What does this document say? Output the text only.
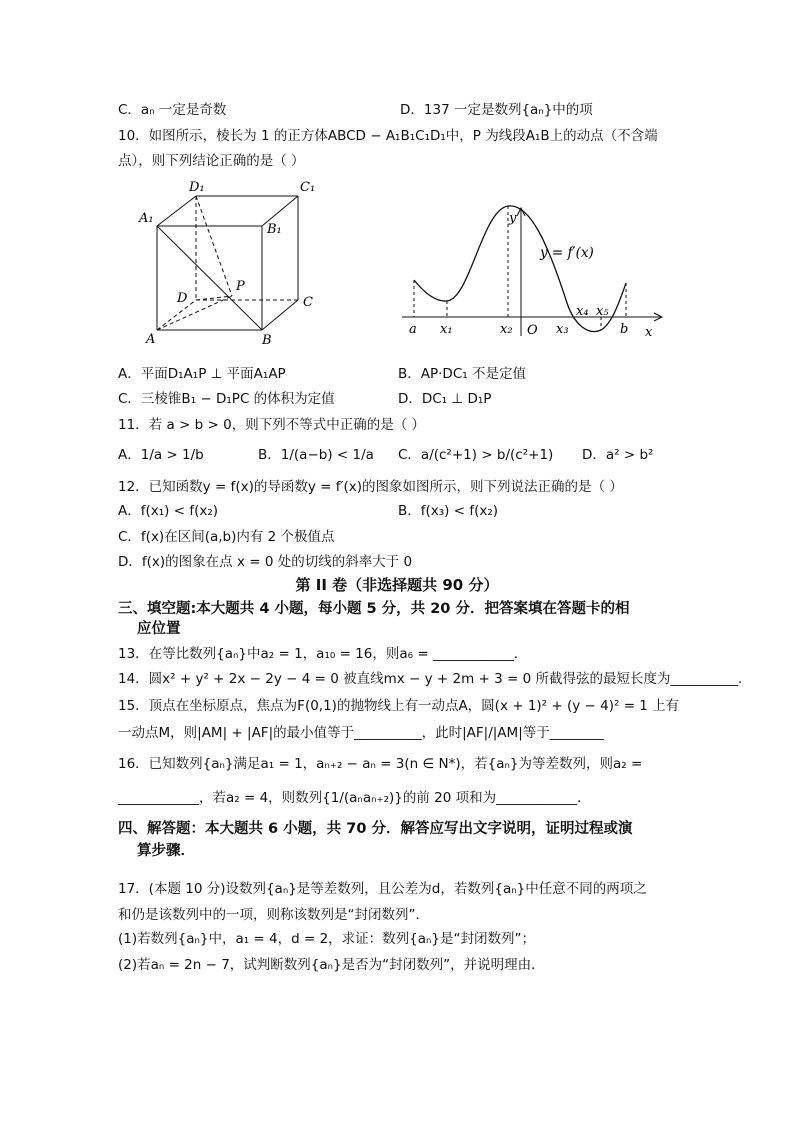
C．aₙ 一定是奇数	D．137 一定是数列{aₙ}中的项
10．如图所示，棱长为 1 的正方体ABCD − A₁B₁C₁D₁中，P 为线段A₁B上的动点（不含端
点），则下列结论正确的是（ ）
D₁	C₁
A₁
B₁
D	C
A	B
P
y
y = f′(x)
x
O
a x₁	x₂	x₃
x₄ x₅
b
A．平面D₁A₁P ⊥ 平面A₁AP	B．AP·DC₁ 不是定值
C．三棱锥B₁ − D₁PC 的体积为定值	D．DC₁ ⊥ D₁P
11．若 a > b > 0，则下列不等式中正确的是（ ）
A．1/a > 1/b	B．1/(a−b) < 1/a C．a/(c²+1) > b/(c²+1) D．a² > b²
12．已知函数y = f(x)的导函数y = f′(x)的图象如图所示，则下列说法正确的是（ ）
A．f(x₁) < f(x₂)	B．f(x₃) < f(x₂)
C．f(x)在区间(a,b)内有 2 个极值点
D．f(x)的图象在点 x = 0 处的切线的斜率大于 0
第 II 卷（非选择题共 90 分）
三、填空题:本大题共 4 小题，每小题 5 分，共 20 分．把答案填在答题卡的相
应位置
13．在等比数列{aₙ}中a₂ = 1，a₁₀ = 16，则a₆ = ____________．
14．圆x² + y² + 2x − 2y − 4 = 0 被直线mx − y + 2m + 3 = 0 所截得弦的最短长度为__________．
15．顶点在坐标原点，焦点为F(0,1)的抛物线上有一动点A，圆(x + 1)² + (y − 4)² = 1 上有
一动点M，则|AM| + |AF|的最小值等于__________，此时|AF|/|AM|等于________
16．已知数列{aₙ}满足a₁ = 1，aₙ₊₂ − aₙ = 3(n ∈ N*)，若{aₙ}为等差数列，则a₂ =
____________，若a₂ = 4，则数列{1/(aₙaₙ₊₂)}的前 20 项和为____________．
四、解答题：本大题共 6 小题，共 70 分．解答应写出文字说明，证明过程或演
算步骤．
17．(本题 10 分)设数列{aₙ}是等差数列，且公差为d，若数列{aₙ}中任意不同的两项之
和仍是该数列中的一项，则称该数列是“封闭数列”．
(1)若数列{aₙ}中，a₁ = 4，d = 2，求证：数列{aₙ}是“封闭数列”；
(2)若aₙ = 2n − 7，试判断数列{aₙ}是否为“封闭数列”，并说明理由．
